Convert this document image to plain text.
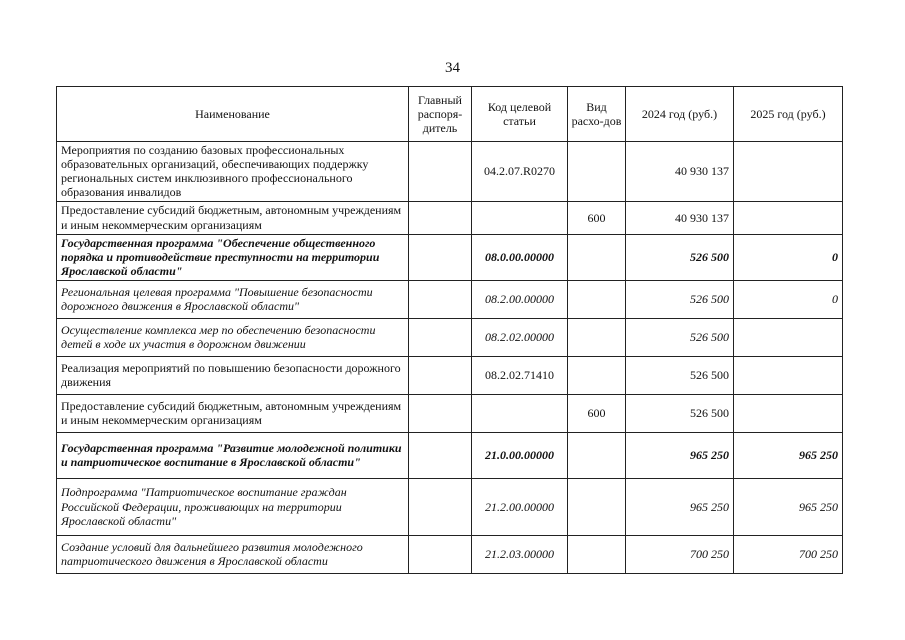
34
Наименование	Главный распоря-дитель	Код целевой статьи	Вид расхо-дов	2024 год (руб.)	2025 год (руб.)
Мероприятия по созданию базовых профессиональных образовательных организаций, обеспечивающих поддержку региональных систем инклюзивного профессионального образования инвалидов		04.2.07.R0270		40 930 137	
Предоставление субсидий бюджетным, автономным учреждениям и иным некоммерческим организациям			600	40 930 137	
Государственная программа "Обеспечение общественного порядка и противодействие преступности на территории Ярославской области"		08.0.00.00000		526 500	0
Региональная целевая программа "Повышение безопасности дорожного движения в Ярославской области"		08.2.00.00000		526 500	0
Осуществление комплекса мер по обеспечению безопасности детей в ходе их участия в дорожном движении		08.2.02.00000		526 500	
Реализация мероприятий по повышению безопасности дорожного движения		08.2.02.71410		526 500	
Предоставление субсидий бюджетным, автономным учреждениям и иным некоммерческим организациям			600	526 500	
Государственная программа "Развитие молодежной политики и патриотическое воспитание в Ярославской области"		21.0.00.00000		965 250	965 250
Подпрограмма "Патриотическое воспитание граждан Российской Федерации, проживающих на территории Ярославской области"		21.2.00.00000		965 250	965 250
Создание условий для дальнейшего развития молодежного патриотического движения в Ярославской области		21.2.03.00000		700 250	700 250
